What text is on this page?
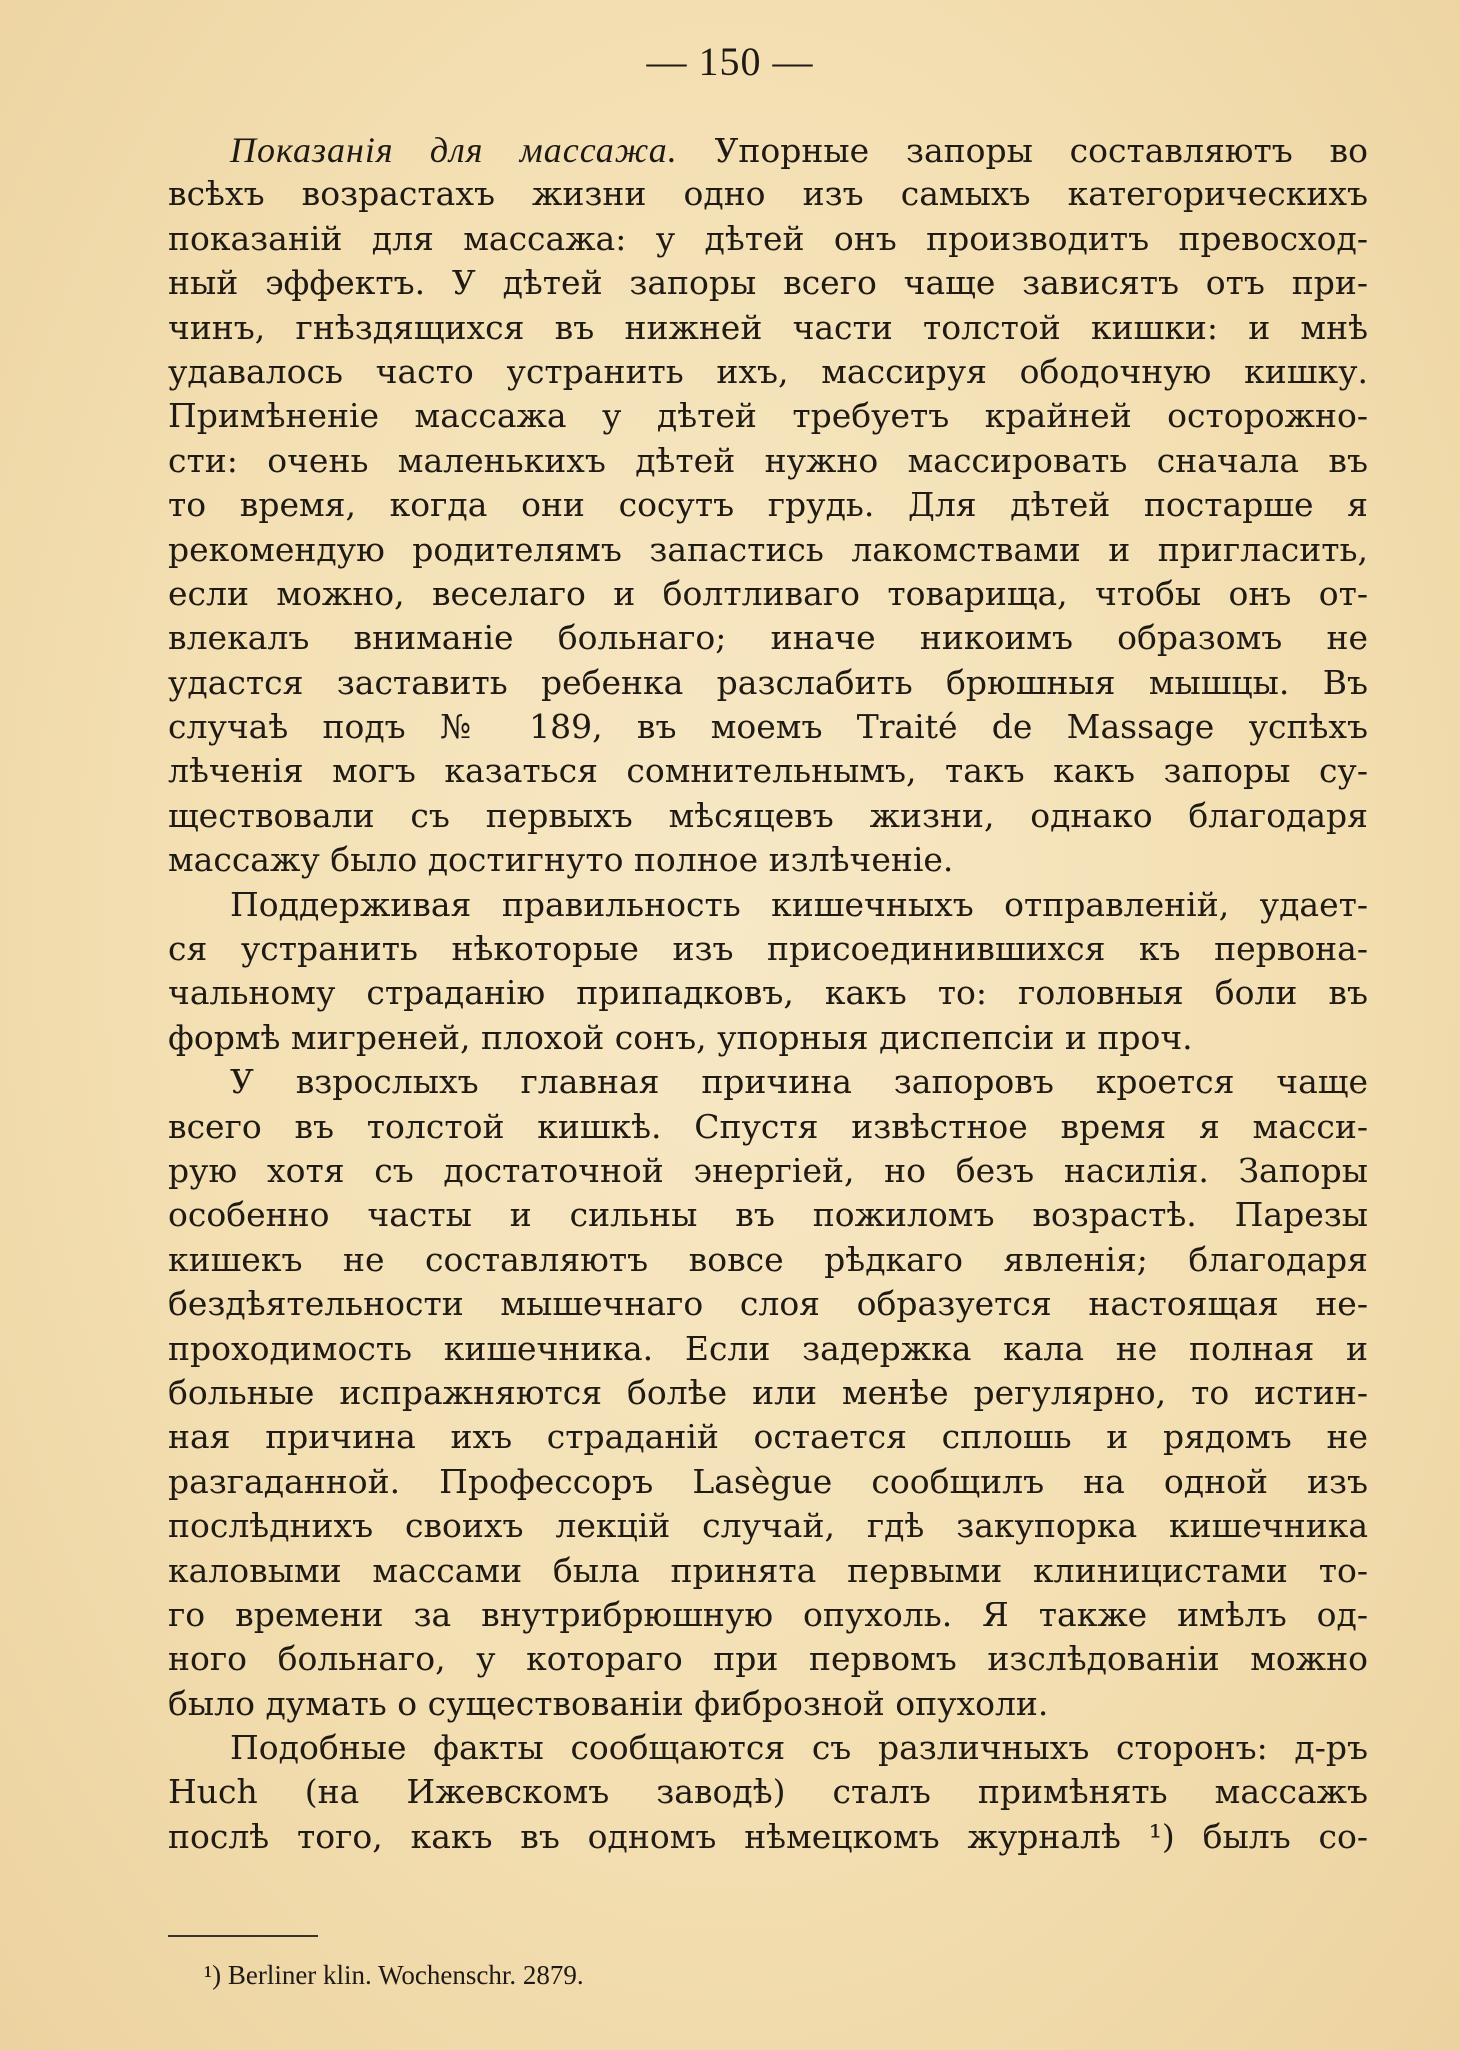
— 150 —
Показанія для массажа. Упорные запоры составляютъ во
всѣхъ возрастахъ жизни одно изъ самыхъ категорическихъ
показаній для массажа: у дѣтей онъ производитъ превосход-
ный эффектъ. У дѣтей запоры всего чаще зависятъ отъ при-
чинъ, гнѣздящихся въ нижней части толстой кишки: и мнѣ
удавалось часто устранить ихъ, массируя ободочную кишку.
Примѣненіе массажа у дѣтей требуетъ крайней осторожно-
сти: очень маленькихъ дѣтей нужно массировать сначала въ
то время, когда они сосутъ грудь. Для дѣтей постарше я
рекомендую родителямъ запастись лакомствами и пригласить,
если можно, веселаго и болтливаго товарища, чтобы онъ от-
влекалъ вниманіе больнаго; иначе никоимъ образомъ не
удастся заставить ребенка разслабить брюшныя мышцы. Въ
случаѣ подъ № 189, въ моемъ Traité de Massage успѣхъ
лѣченія могъ казаться сомнительнымъ, такъ какъ запоры су-
ществовали съ первыхъ мѣсяцевъ жизни, однако благодаря
массажу было достигнуто полное излѣченіе.
Поддерживая правильность кишечныхъ отправленій, удает-
ся устранить нѣкоторые изъ присоединившихся къ первона-
чальному страданію припадковъ, какъ то: головныя боли въ
формѣ мигреней, плохой сонъ, упорныя диспепсіи и проч.
У взрослыхъ главная причина запоровъ кроется чаще
всего въ толстой кишкѣ. Спустя извѣстное время я масси-
рую хотя съ достаточной энергіей, но безъ насилія. Запоры
особенно часты и сильны въ пожиломъ возрастѣ. Парезы
кишекъ не составляютъ вовсе рѣдкаго явленія; благодаря
бездѣятельности мышечнаго слоя образуется настоящая не-
проходимость кишечника. Если задержка кала не полная и
больные испражняются болѣе или менѣе регулярно, то истин-
ная причина ихъ страданій остается сплошь и рядомъ не
разгаданной. Профессоръ Lasègue сообщилъ на одной изъ
послѣднихъ своихъ лекцій случай, гдѣ закупорка кишечника
каловыми массами была принята первыми клиницистами то-
го времени за внутрибрюшную опухоль. Я также имѣлъ од-
ного больнаго, у котораго при первомъ изслѣдованіи можно
было думать о существованіи фиброзной опухоли.
Подобные факты сообщаются съ различныхъ сторонъ: д-ръ
Huch (на Ижевскомъ заводѣ) сталъ примѣнять массажъ
послѣ того, какъ въ одномъ нѣмецкомъ журналѣ ¹) былъ со-
¹) Berliner klin. Wochenschr. 2879.
